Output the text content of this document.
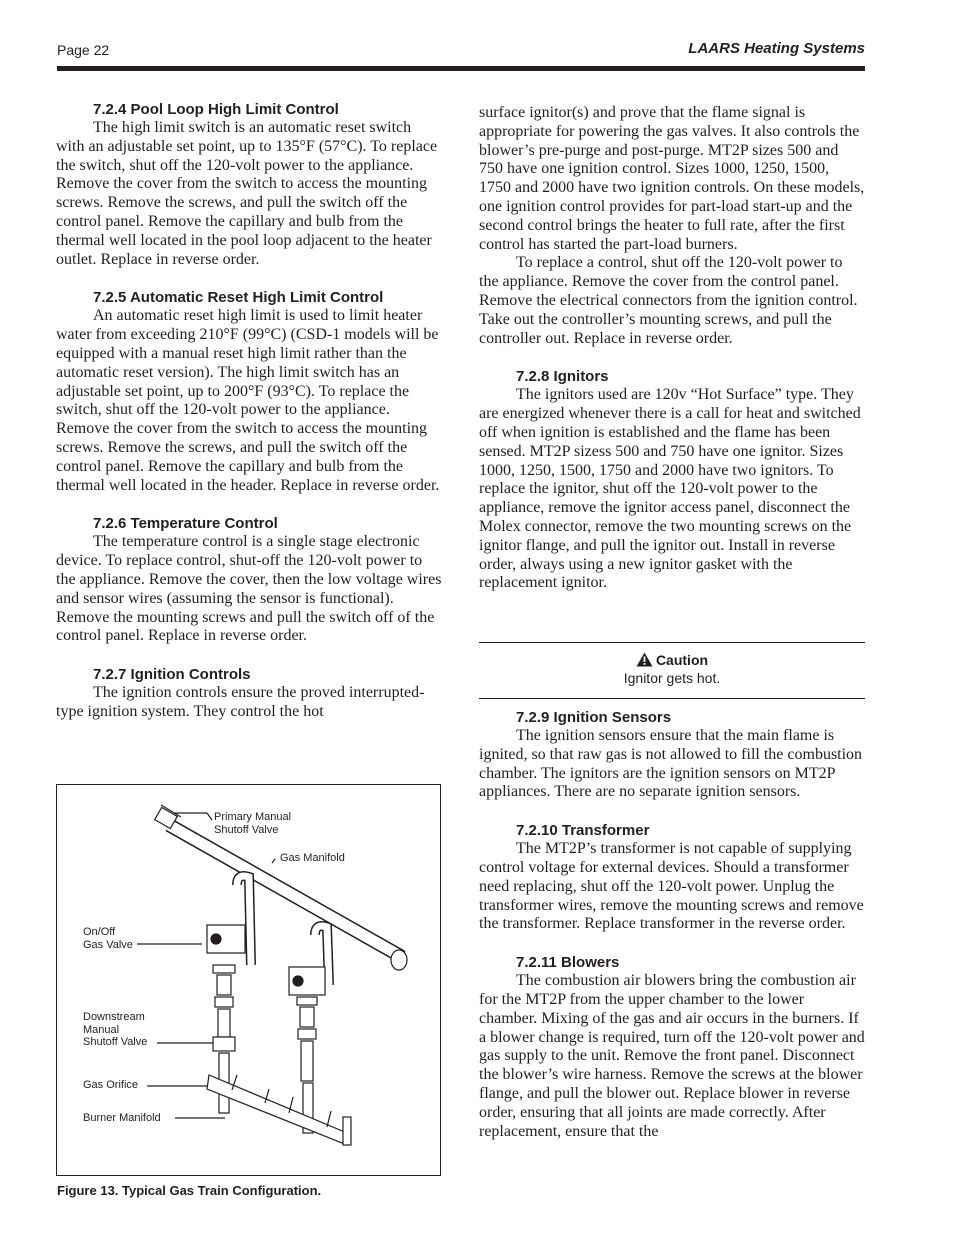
Page 22	LAARS Heating Systems
7.2.4 Pool Loop High Limit Control

The high limit switch is an automatic reset switch with an adjustable set point, up to 135°F (57°C). To replace the switch, shut off the 120-volt power to the appliance. Remove the cover from the switch to access the mounting screws. Remove the screws, and pull the switch off the control panel. Remove the capillary and bulb from the thermal well located in the pool loop adjacent to the heater outlet. Replace in reverse order.

7.2.5 Automatic Reset High Limit Control

An automatic reset high limit is used to limit heater water from exceeding 210°F (99°C) (CSD-1 models will be equipped with a manual reset high limit rather than the automatic reset version). The high limit switch has an adjustable set point, up to 200°F (93°C). To replace the switch, shut off the 120-volt power to the appliance. Remove the cover from the switch to access the mounting screws. Remove the screws, and pull the switch off the control panel. Remove the capillary and bulb from the thermal well located in the header. Replace in reverse order.

7.2.6 Temperature Control

The temperature control is a single stage electronic device. To replace control, shut-off the 120-volt power to the appliance. Remove the cover, then the low voltage wires and sensor wires (assuming the sensor is functional). Remove the mounting screws and pull the switch off of the control panel. Replace in reverse order.

7.2.7 Ignition Controls

The ignition controls ensure the proved interrupted-type ignition system. They control the hot

surface ignitor(s) and prove that the flame signal is appropriate for powering the gas valves. It also controls the blower’s pre-purge and post-purge. MT2P sizes 500 and 750 have one ignition control. Sizes 1000, 1250, 1500, 1750 and 2000 have two ignition controls. On these models, one ignition control provides for part-load start-up and the second control brings the heater to full rate, after the first control has started the part-load burners.

To replace a control, shut off the 120-volt power to the appliance. Remove the cover from the control panel. Remove the electrical connectors from the ignition control. Take out the controller’s mounting screws, and pull the controller out. Replace in reverse order.

7.2.8 Ignitors

The ignitors used are 120v “Hot Surface” type. They are energized whenever there is a call for heat and switched off when ignition is established and the flame has been sensed. MT2P sizess 500 and 750 have one ignitor. Sizes 1000, 1250, 1500, 1750 and 2000 have two ignitors. To replace the ignitor, shut off the 120-volt power to the appliance, remove the ignitor access panel, disconnect the Molex connector, remove the two mounting screws on the ignitor flange, and pull the ignitor out. Install in reverse order, always using a new ignitor gasket with the replacement ignitor.

Caution
Ignitor gets hot.
7.2.9 Ignition Sensors

The ignition sensors ensure that the main flame is ignited, so that raw gas is not allowed to fill the combustion chamber. The ignitors are the ignition sensors on MT2P appliances. There are no separate ignition sensors.

7.2.10 Transformer

The MT2P’s transformer is not capable of supplying control voltage for external devices. Should a transformer need replacing, shut off the 120-volt power. Unplug the transformer wires, remove the mounting screws and remove the transformer. Replace transformer in the reverse order.

7.2.11 Blowers

The combustion air blowers bring the combustion air for the MT2P from the upper chamber to the lower chamber. Mixing of the gas and air occurs in the burners. If a blower change is required, turn off the 120-volt power and gas supply to the unit. Remove the front panel. Disconnect the blower’s wire harness. Remove the screws at the blower flange, and pull the blower out. Replace blower in reverse order, ensuring that all joints are made correctly. After replacement, ensure that the

Primary Manual
Shutoff Valve
Gas Manifold
On/Off
Gas Valve
Downstream
Manual
Shutoff Valve
Gas Orifice
Burner Manifold
Figure 13. Typical Gas Train Configuration.
